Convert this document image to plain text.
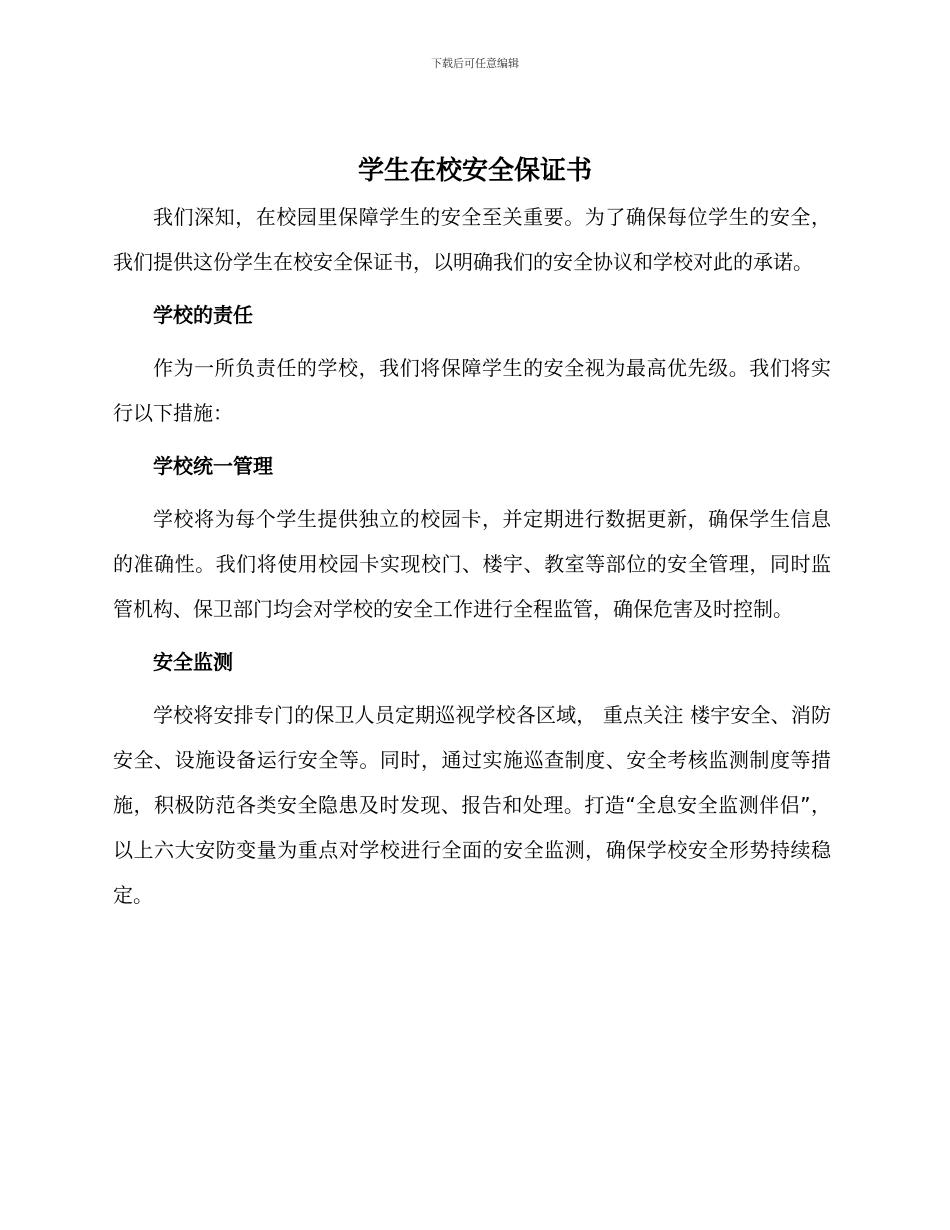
下载后可任意编辑
学生在校安全保证书

我们深知，在校园里保障学生的安全至关重要。为了确保每位学生的安全，我们提供这份学生在校安全保证书，以明确我们的安全协议和学校对此的承诺。

学校的责任

作为一所负责任的学校，我们将保障学生的安全视为最高优先级。我们将实行以下措施：

学校统一管理

学校将为每个学生提供独立的校园卡，并定期进行数据更新，确保学生信息的准确性。我们将使用校园卡实现校门、楼宇、教室等部位的安全管理，同时监管机构、保卫部门均会对学校的安全工作进行全程监管，确保危害及时控制。

安全监测

学校将安排专门的保卫人员定期巡视学校各区域， 重点关注 楼宇安全、消防安全、设施设备运行安全等。同时，通过实施巡查制度、安全考核监测制度等措施，积极防范各类安全隐患及时发现、报告和处理。打造“全息安全监测伴侣”，以上六大安防变量为重点对学校进行全面的安全监测，确保学校安全形势持续稳定。
